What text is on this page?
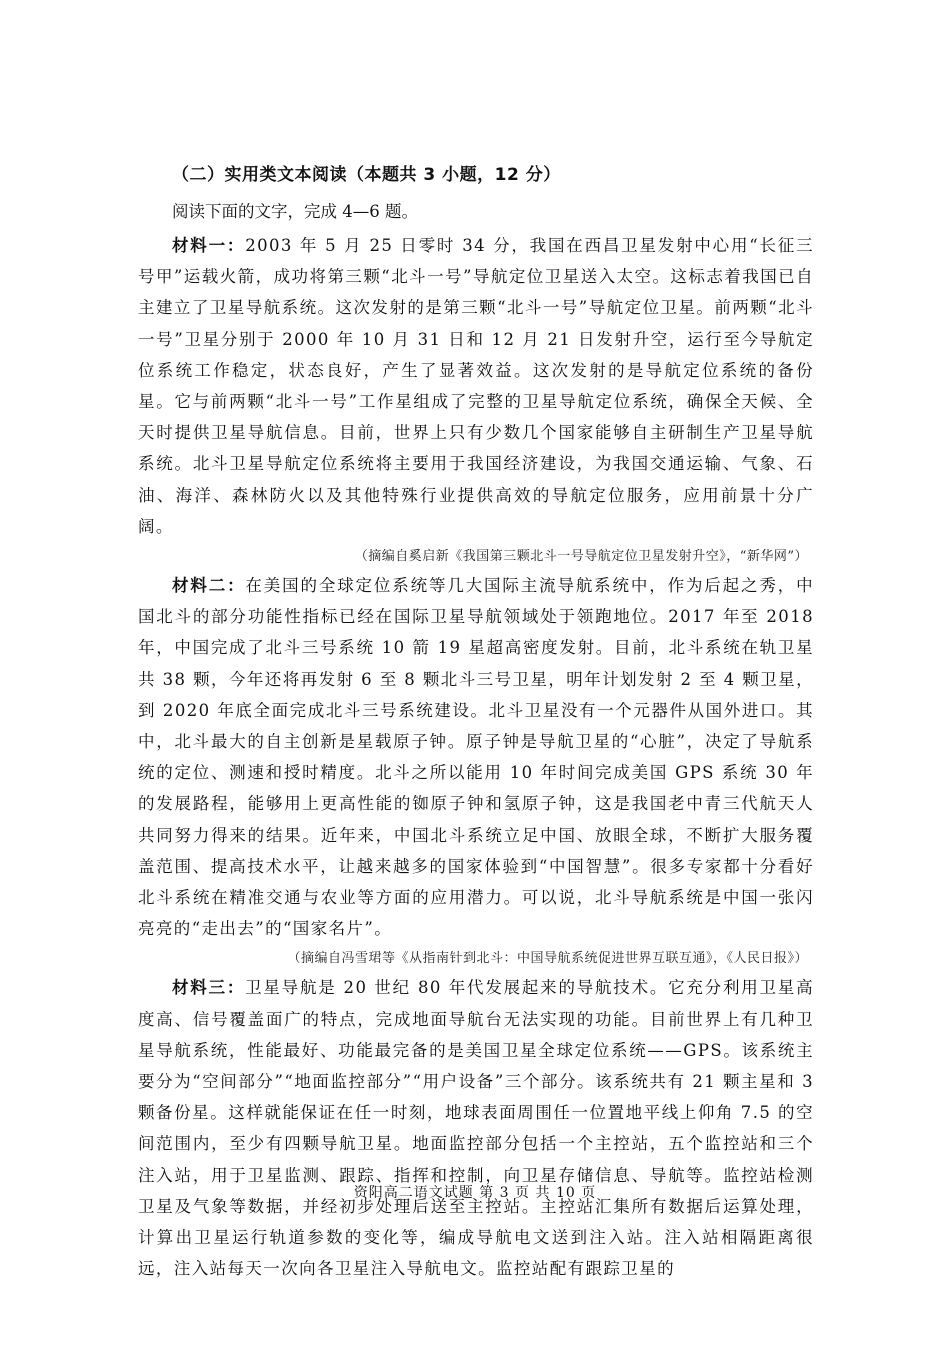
（二）实用类文本阅读（本题共 3 小题，12 分）
阅读下面的文字，完成 4—6 题。

材料一：2003 年 5 月 25 日零时 34 分，我国在西昌卫星发射中心用“长征三号甲”运载火箭，成功将第三颗“北斗一号”导航定位卫星送入太空。这标志着我国已自主建立了卫星导航系统。这次发射的是第三颗“北斗一号”导航定位卫星。前两颗“北斗一号”卫星分别于 2000 年 10 月 31 日和 12 月 21 日发射升空，运行至今导航定位系统工作稳定，状态良好，产生了显著效益。这次发射的是导航定位系统的备份星。它与前两颗“北斗一号”工作星组成了完整的卫星导航定位系统，确保全天候、全天时提供卫星导航信息。目前，世界上只有少数几个国家能够自主研制生产卫星导航系统。北斗卫星导航定位系统将主要用于我国经济建设，为我国交通运输、气象、石油、海洋、森林防火以及其他特殊行业提供高效的导航定位服务，应用前景十分广阔。

（摘编自奚启新《我国第三颗北斗一号导航定位卫星发射升空》，“新华网”）

材料二：在美国的全球定位系统等几大国际主流导航系统中，作为后起之秀，中国北斗的部分功能性指标已经在国际卫星导航领域处于领跑地位。2017 年至 2018 年，中国完成了北斗三号系统 10 箭 19 星超高密度发射。目前，北斗系统在轨卫星共 38 颗，今年还将再发射 6 至 8 颗北斗三号卫星，明年计划发射 2 至 4 颗卫星，到 2020 年底全面完成北斗三号系统建设。北斗卫星没有一个元器件从国外进口。其中，北斗最大的自主创新是星载原子钟。原子钟是导航卫星的“心脏”，决定了导航系统的定位、测速和授时精度。北斗之所以能用 10 年时间完成美国 GPS 系统 30 年的发展路程，能够用上更高性能的铷原子钟和氢原子钟，这是我国老中青三代航天人共同努力得来的结果。近年来，中国北斗系统立足中国、放眼全球，不断扩大服务覆盖范围、提高技术水平，让越来越多的国家体验到“中国智慧”。很多专家都十分看好北斗系统在精准交通与农业等方面的应用潜力。可以说，北斗导航系统是中国一张闪亮亮的“走出去”的“国家名片”。

（摘编自冯雪珺等《从指南针到北斗：中国导航系统促进世界互联互通》，《人民日报》）

材料三：卫星导航是 20 世纪 80 年代发展起来的导航技术。它充分利用卫星高度高、信号覆盖面广的特点，完成地面导航台无法实现的功能。目前世界上有几种卫星导航系统，性能最好、功能最完备的是美国卫星全球定位系统——GPS。该系统主要分为“空间部分”“地面监控部分”“用户设备”三个部分。该系统共有 21 颗主星和 3 颗备份星。这样就能保证在任一时刻，地球表面周围任一位置地平线上仰角 7.5 的空间范围内，至少有四颗导航卫星。地面监控部分包括一个主控站，五个监控站和三个注入站，用于卫星监测、跟踪、指挥和控制，向卫星存储信息、导航等。监控站检测卫星及气象等数据，并经初步处理后送至主控站。主控站汇集所有数据后运算处理，计算出卫星运行轨道参数的变化等，编成导航电文送到注入站。注入站相隔距离很远，注入站每天一次向各卫星注入导航电文。监控站配有跟踪卫星的

资阳高二语文试题 第 3 页 共 10 页
